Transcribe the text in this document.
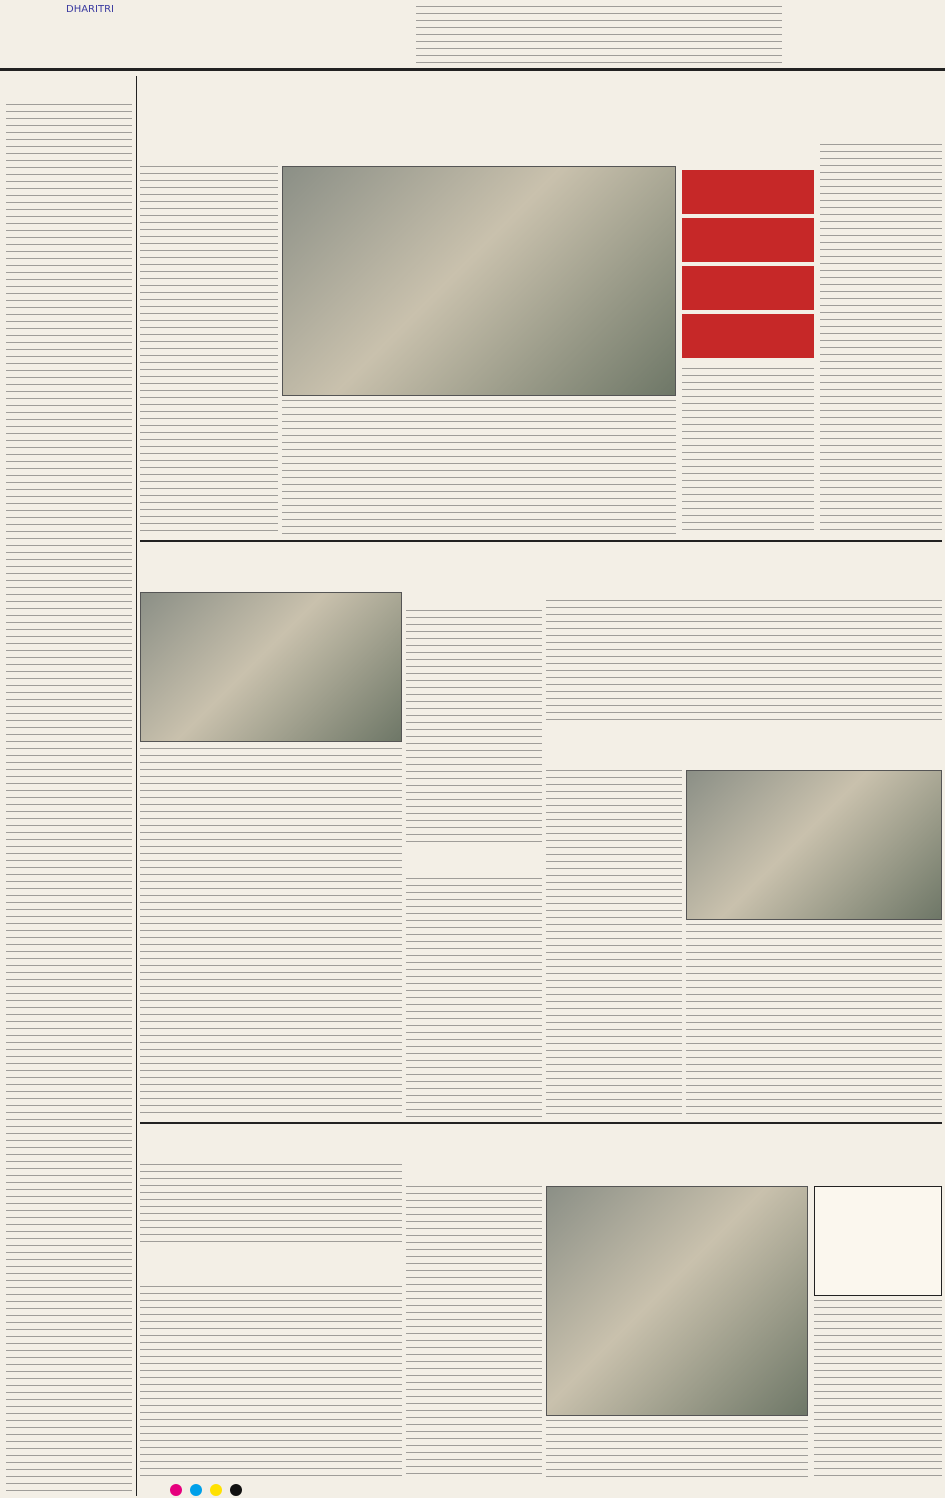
DHARITRI
